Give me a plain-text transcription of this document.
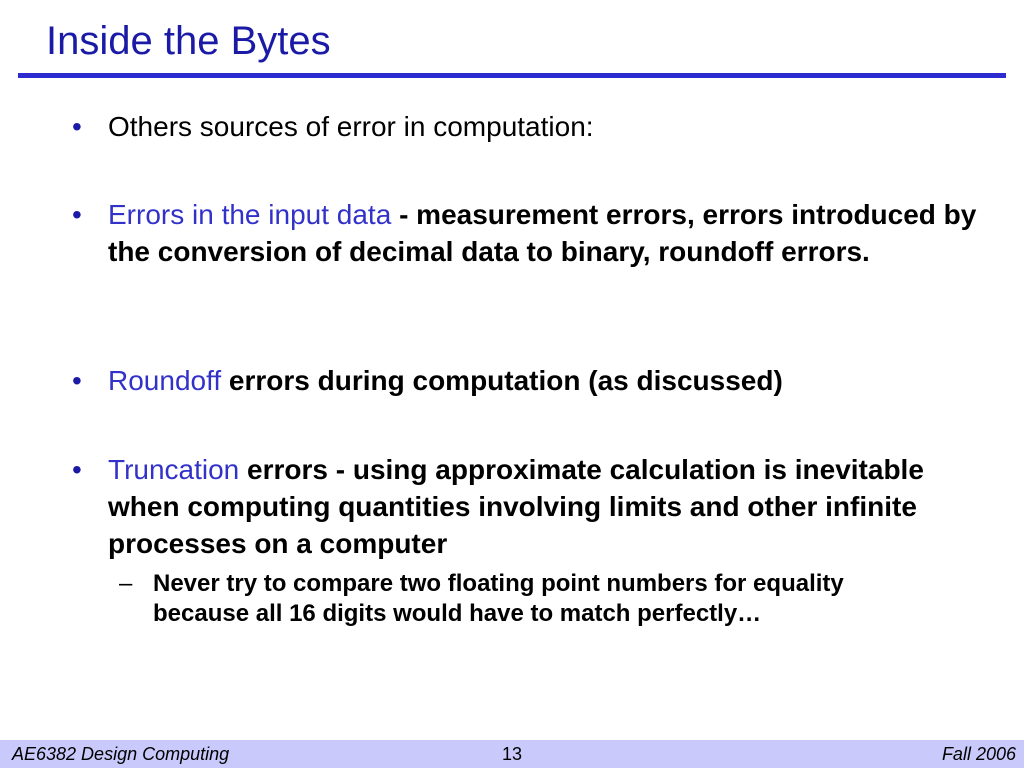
Inside the Bytes
• Others sources of error in computation:
• Errors in the input data - measurement errors, errors introduced by the conversion of decimal data to binary, roundoff errors.
• Roundoff errors during computation (as discussed)
• Truncation errors - using approximate calculation is inevitable when computing quantities involving limits and other infinite processes on a computer
– Never try to compare two floating point numbers for equality because all 16 digits would have to match perfectly…
AE6382 Design Computing	13	Fall 2006
